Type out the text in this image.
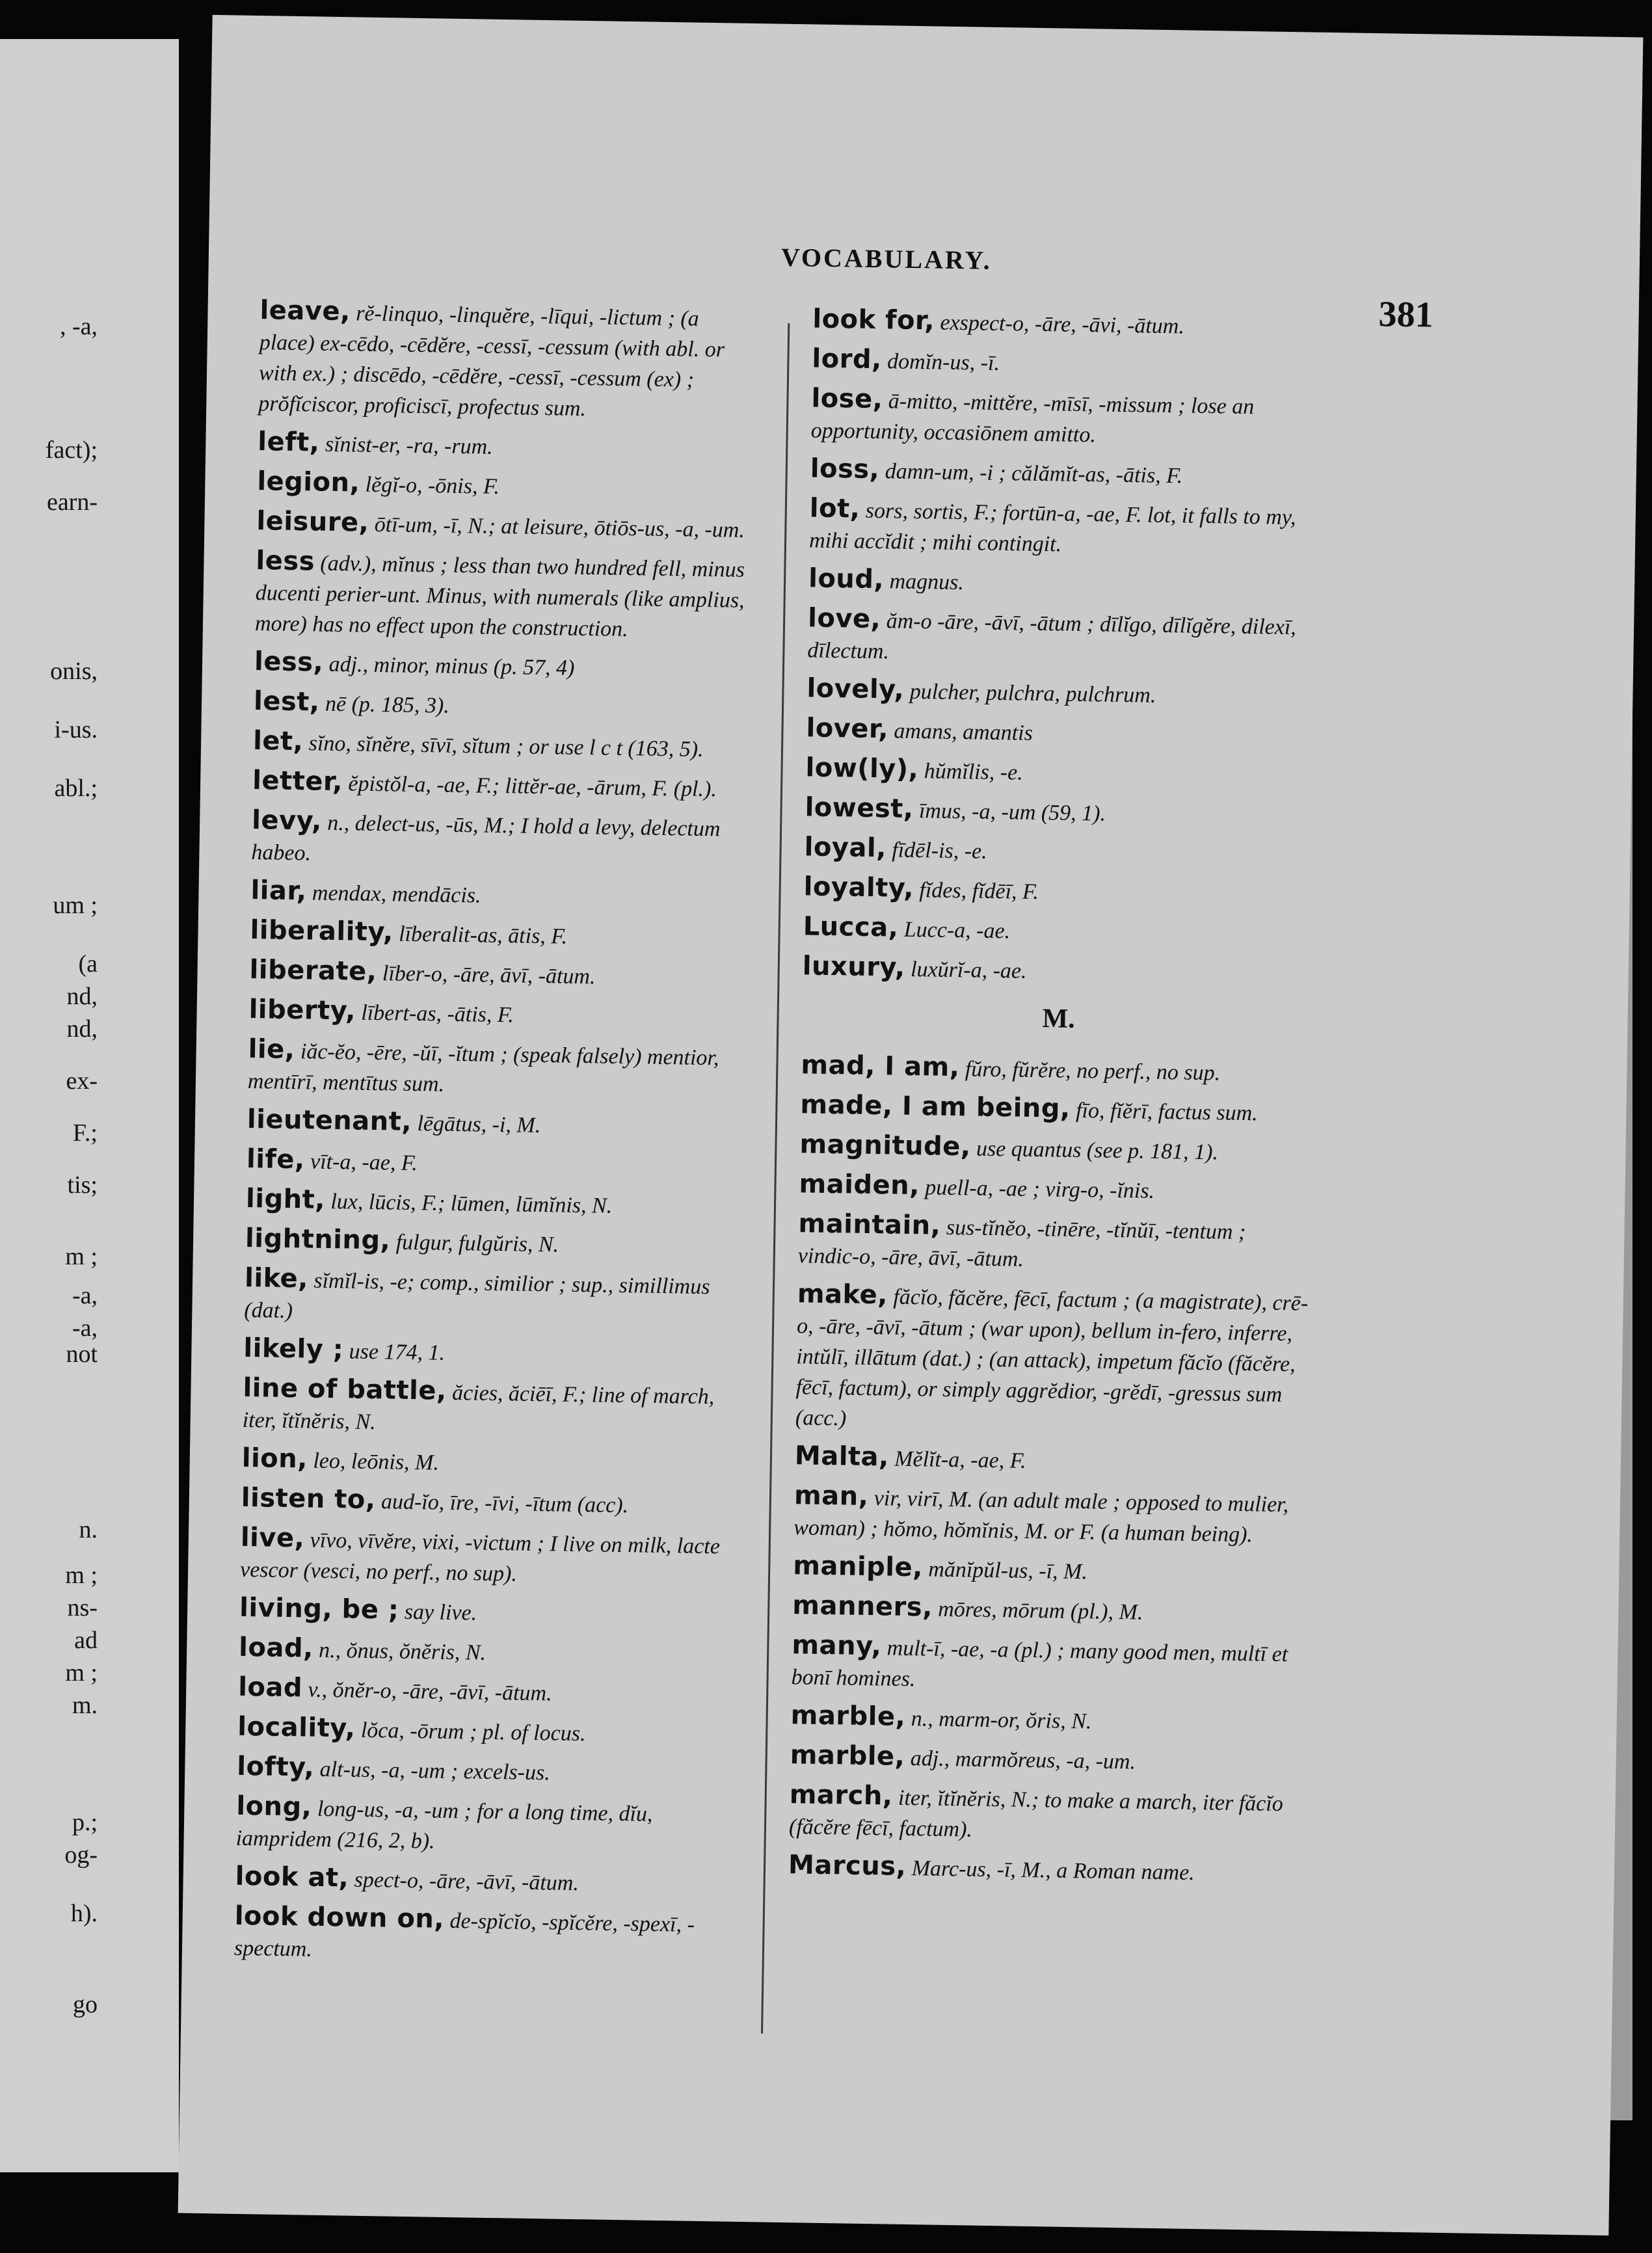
, -a,
fact);
earn-
onis,
i-us.
abl.;
um ;
(a
nd,
nd,
ex-
F.;
tis;
m ;
-a,
-a,
not
n.
m ;
ns-
ad
m ;
m.
p.;
og-
h).
go
VOCABULARY.
381
leave, rĕ-linquo, -linquĕre, -līqui, -lictum ; (a place) ex-cēdo, -cēdĕre, -cessī, -cessum (with abl. or with ex.) ; discēdo, -cēdĕre, -cessī, -cessum (ex) ; prŏfĭciscor, proficiscī, profectus sum.
left, sĭnist-er, -ra, -rum.
legion, lĕgĭ-o, -ōnis, F.
leisure, ōtī-um, -ī, N.; at leisure, ōtiōs-us, -a, -um.
less (adv.), mĭnus ; less than two hundred fell, minus ducenti perier-unt. Minus, with numerals (like amplius, more) has no effect upon the construction.
less, adj., minor, minus (p. 57, 4)
lest, nē (p. 185, 3).
let, sĭno, sĭnĕre, sīvī, sĭtum ; or use l c t (163, 5).
letter, ĕpistŏl-a, -ae, F.; littĕr-ae, -ārum, F. (pl.).
levy, n., delect-us, -ūs, M.; I hold a levy, delectum habeo.
liar, mendax, mendācis.
liberality, līberalit-as, ātis, F.
liberate, līber-o, -āre, āvī, -ātum.
liberty, lībert-as, -ātis, F.
lie, iăc-ĕo, -ēre, -ŭī, -ĭtum ; (speak falsely) mentior, mentīrī, mentītus sum.
lieutenant, lēgātus, -i, M.
life, vīt-a, -ae, F.
light, lux, lūcis, F.; lūmen, lūmĭnis, N.
lightning, fulgur, fulgŭris, N.
like, sĭmĭl-is, -e; comp., similior ; sup., simillimus (dat.)
likely ; use 174, 1.
line of battle, ăcies, ăciēī, F.; line of march, iter, ĭtĭnĕris, N.
lion, leo, leōnis, M.
listen to, aud-ĭo, īre, -īvi, -ītum (acc).
live, vīvo, vīvĕre, vixi, -victum ; I live on milk, lacte vescor (vesci, no perf., no sup).
living, be ; say live.
load, n., ŏnus, ŏnĕris, N.
load v., ŏnĕr-o, -āre, -āvī, -ātum.
locality, lŏca, -ōrum ; pl. of locus.
lofty, alt-us, -a, -um ; excels-us.
long, long-us, -a, -um ; for a long time, dĭu, iampridem (216, 2, b).
look at, spect-o, -āre, -āvī, -ātum.
look down on, de-spĭcĭo, -spĭcĕre, -spexī, -spectum.
look for, exspect-o, -āre, -āvi, -ātum.
lord, domĭn-us, -ī.
lose, ā-mitto, -mittĕre, -mīsī, -missum ; lose an opportunity, occasiōnem amitto.
loss, damn-um, -i ; călămĭt-as, -ātis, F.
lot, sors, sortis, F.; fortūn-a, -ae, F. lot, it falls to my, mihi accĭdit ; mihi contingit.
loud, magnus.
love, ăm-o -āre, -āvī, -ātum ; dīlĭgo, dīlĭgĕre, dilexī, dīlectum.
lovely, pulcher, pulchra, pulchrum.
lover, amans, amantis
low(ly), hŭmĭlis, -e.
lowest, īmus, -a, -um (59, 1).
loyal, fīdēl-is, -e.
loyalty, fĭdes, fĭdēī, F.
Lucca, Lucc-a, -ae.
luxury, luxŭrĭ-a, -ae.
M.
mad, I am, fŭro, fŭrĕre, no perf., no sup.
made, I am being, fīo, fĭĕrī, factus sum.
magnitude, use quantus (see p. 181, 1).
maiden, puell-a, -ae ; virg-o, -ĭnis.
maintain, sus-tĭnĕo, -tinēre, -tĭnŭī, -tentum ; vindic-o, -āre, āvī, -ātum.
make, făcĭo, făcĕre, fēcī, factum ; (a magistrate), crē-o, -āre, -āvī, -ātum ; (war upon), bellum in-fero, inferre, intŭlī, illātum (dat.) ; (an attack), impetum făcĭo (făcĕre, fēcī, factum), or simply aggrĕdior, -grĕdī, -gressus sum (acc.)
Malta, Mĕlĭt-a, -ae, F.
man, vir, virī, M. (an adult male ; opposed to mulier, woman) ; hŏmo, hŏmĭnis, M. or F. (a human being).
maniple, mănĭpŭl-us, -ī, M.
manners, mōres, mōrum (pl.), M.
many, mult-ī, -ae, -a (pl.) ; many good men, multī et bonī homines.
marble, n., marm-or, ŏris, N.
marble, adj., marmŏreus, -a, -um.
march, iter, ĭtĭnĕris, N.; to make a march, iter făcĭo (făcĕre fēcī, factum).
Marcus, Marc-us, -ī, M., a Roman name.
